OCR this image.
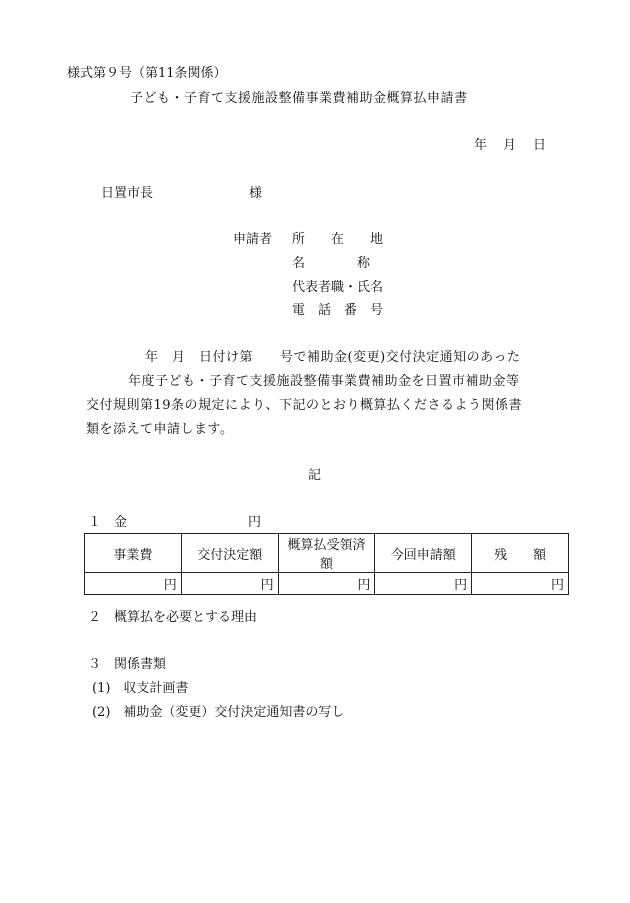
様式第９号（第11条関係）
子ども・子育て支援施設整備事業費補助金概算払申請書
年 月 日
日置市長	様
申請者 所　　在　　地
名　　　　称
代表者職・氏名
電　話　番　号
年　月　日付け第　　号で補助金(変更)交付決定通知のあった
年度子ども・子育て支援施設整備事業費補助金を日置市補助金等
交付規則第19条の規定により、下記のとおり概算払くださるよう関係書
類を添えて申請します。
記
１　金	円
事業費	交付決定額	概算払受領済額	今回申請額	残　　額
円	円	円	円	円
２　概算払を必要とする理由
３　関係書類
(1)　収支計画書
(2)　補助金（変更）交付決定通知書の写し
